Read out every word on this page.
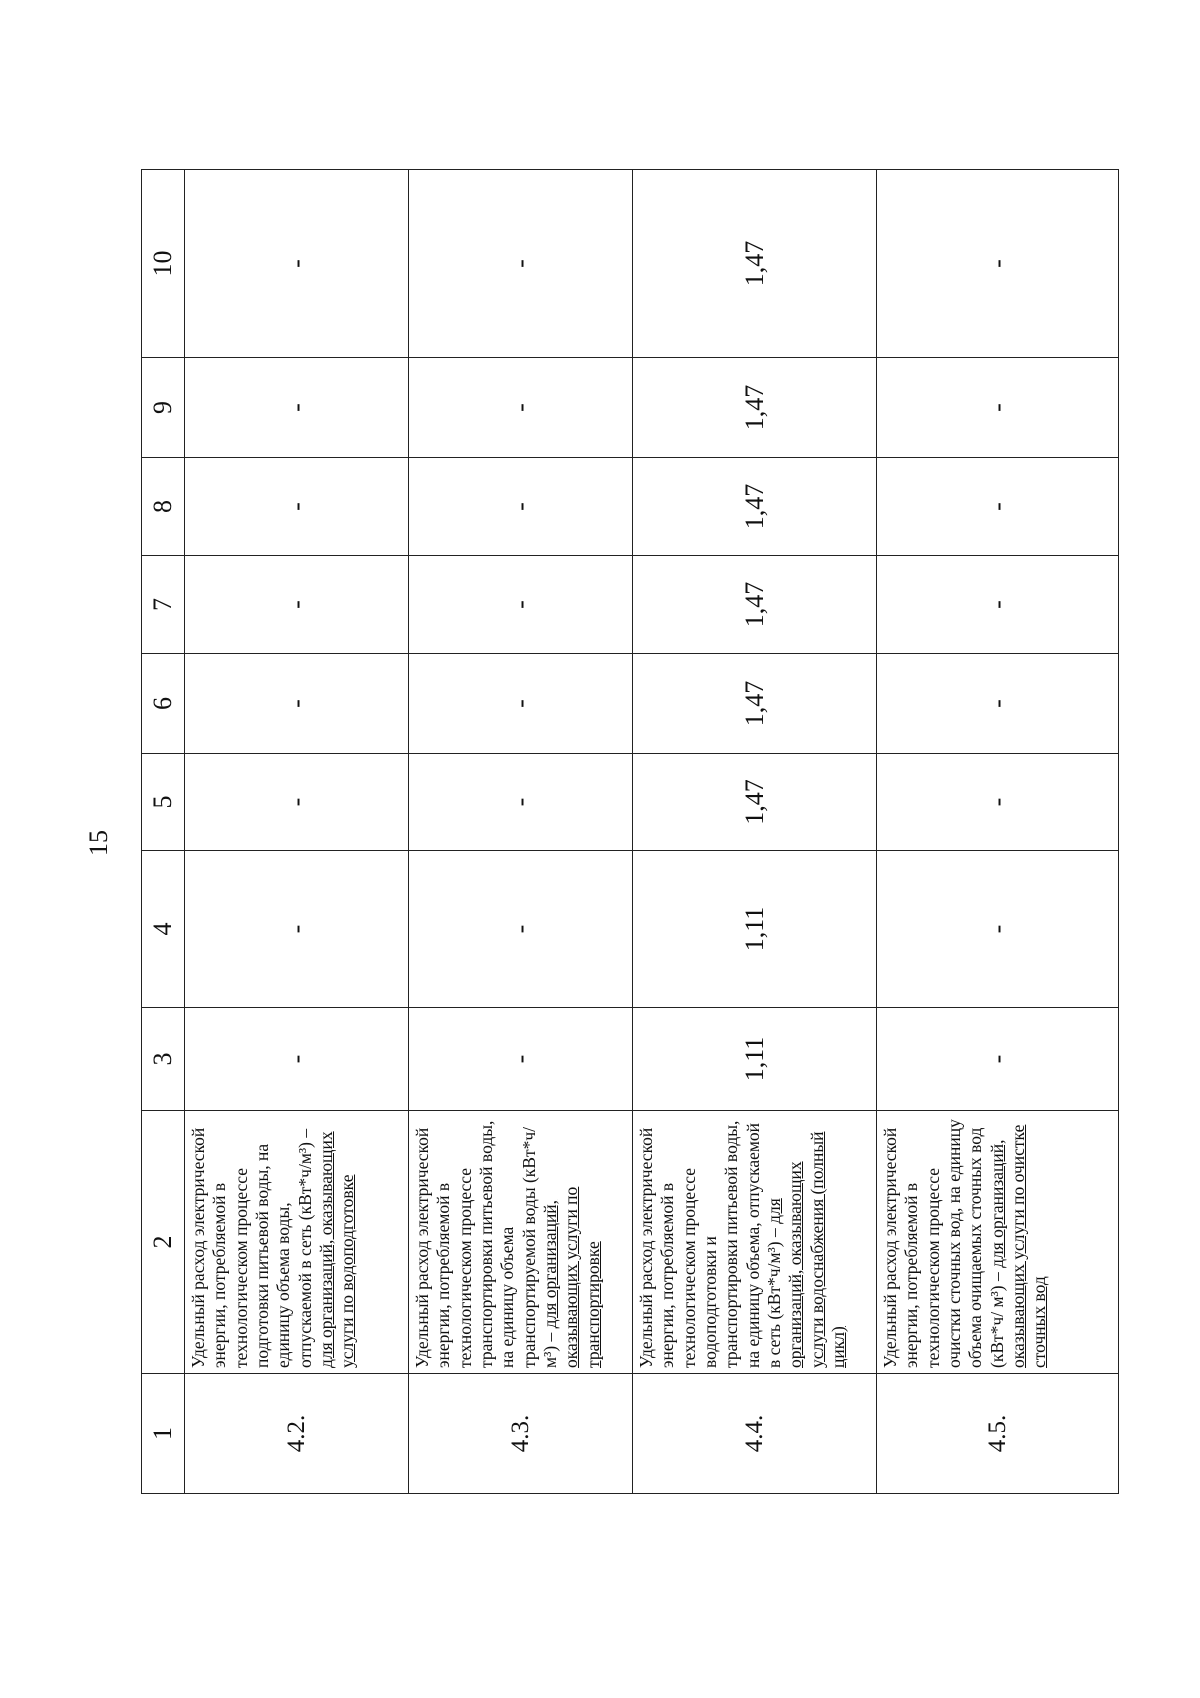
15
1	2	3	4	5	6	7	8	9	10
4.2.	Удельный расход электрической энергии, потребляемой в технологическом процессе подготовки питьевой воды, на единицу объема воды, отпускаемой в сеть (кВт*ч/м³) – для организаций, оказывающих услуги по водоподготовке	-	-	-	-	-	-	-	-
4.3.	Удельный расход электрической энергии, потребляемой в технологическом процессе транспортировки питьевой воды, на единицу объема транспортируемой воды (кВт*ч/м³) – для организаций, оказывающих услуги по транспортировке	-	-	-	-	-	-	-	-
4.4.	Удельный расход электрической энергии, потребляемой в технологическом процессе водоподготовки и транспортировки питьевой воды, на единицу объема, отпускаемой в сеть (кВт*ч/м³) – для организаций, оказывающих услуги водоснабжения (полный цикл)	1,11	1,11	1,47	1,47	1,47	1,47	1,47	1,47
4.5.	Удельный расход электрической энергии, потребляемой в технологическом процессе очистки сточных вод, на единицу объема очищаемых сточных вод (кВт*ч/ м³) – для организаций, оказывающих услуги по очистке сточных вод	-	-	-	-	-	-	-	-
